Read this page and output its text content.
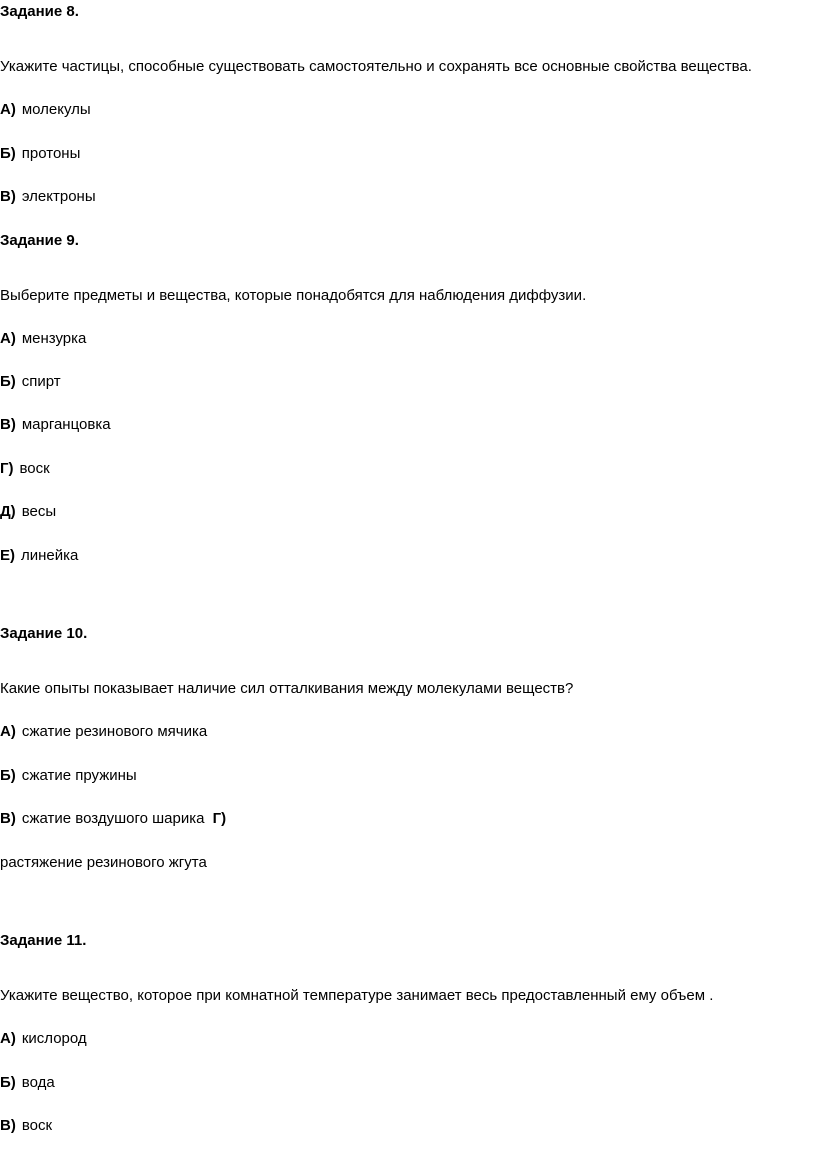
Задание 8.
Укажите частицы, способные существовать самостоятельно и сохранять все основные свойства вещества.
А) молекулы
Б) протоны
В) электроны
Задание 9.
Выберите предметы и вещества, которые понадобятся для наблюдения диффузии.
А) мензурка
Б) спирт
В) марганцовка
Г) воск
Д) весы
Е) линейка
Задание 10.
Какие опыты показывает наличие сил отталкивания между молекулами веществ?
А) сжатие резинового мячика
Б) сжатие пружины
В) сжатие воздушого шарика Г)
растяжение резинового жгута
Задание 11.
Укажите вещество, которое при комнатной температуре занимает весь предоставленный ему объем .
А) кислород
Б) вода
В) воск
